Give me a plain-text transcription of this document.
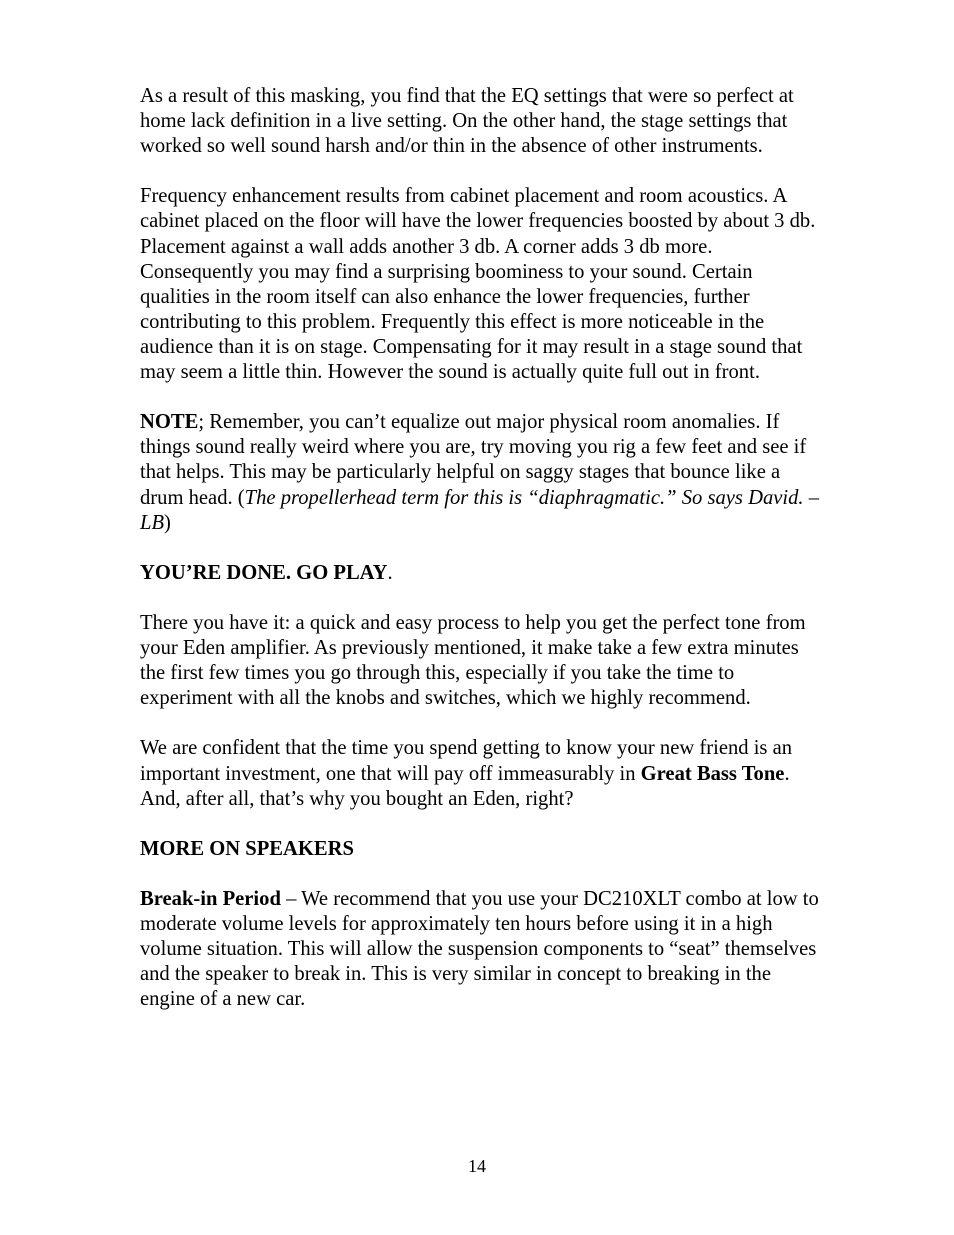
As a result of this masking, you find that the EQ settings that were so perfect at home lack definition in a live setting. On the other hand, the stage settings that worked so well sound harsh and/or thin in the absence of other instruments.

Frequency enhancement results from cabinet placement and room acoustics. A cabinet placed on the floor will have the lower frequencies boosted by about 3 db. Placement against a wall adds another 3 db. A corner adds 3 db more. Consequently you may find a surprising boominess to your sound. Certain qualities in the room itself can also enhance the lower frequencies, further contributing to this problem. Frequently this effect is more noticeable in the audience than it is on stage. Compensating for it may result in a stage sound that may seem a little thin. However the sound is actually quite full out in front.

NOTE; Remember, you can’t equalize out major physical room anomalies. If things sound really weird where you are, try moving you rig a few feet and see if that helps. This may be particularly helpful on saggy stages that bounce like a drum head. (The propellerhead term for this is “diaphragmatic.” So says David. – LB)

YOU’RE DONE. GO PLAY.

There you have it: a quick and easy process to help you get the perfect tone from your Eden amplifier. As previously mentioned, it make take a few extra minutes the first few times you go through this, especially if you take the time to experiment with all the knobs and switches, which we highly recommend.

We are confident that the time you spend getting to know your new friend is an important investment, one that will pay off immeasurably in Great Bass Tone. And, after all, that’s why you bought an Eden, right?

MORE ON SPEAKERS

Break-in Period – We recommend that you use your DC210XLT combo at low to moderate volume levels for approximately ten hours before using it in a high volume situation. This will allow the suspension components to “seat” themselves and the speaker to break in. This is very similar in concept to breaking in the engine of a new car.

14
